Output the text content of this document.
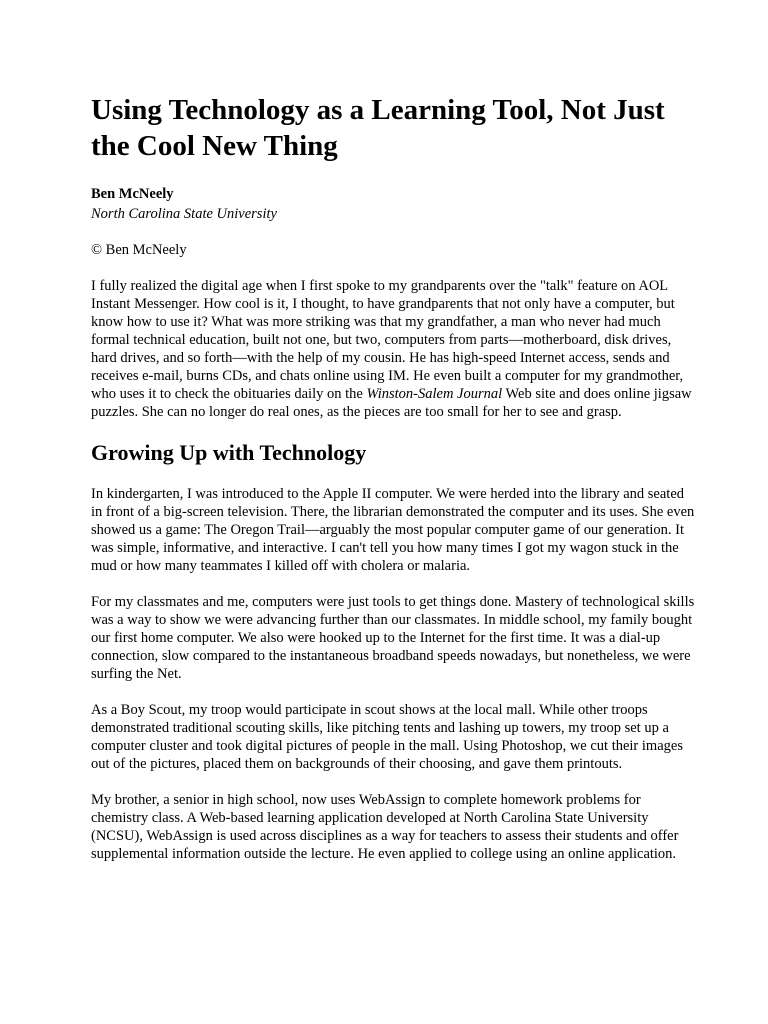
Using Technology as a Learning Tool, Not Just the Cool New Thing
Ben McNeely
North Carolina State University
© Ben McNeely

I fully realized the digital age when I first spoke to my grandparents over the "talk" feature on AOL Instant Messenger. How cool is it, I thought, to have grandparents that not only have a computer, but know how to use it? What was more striking was that my grandfather, a man who never had much formal technical education, built not one, but two, computers from parts—motherboard, disk drives, hard drives, and so forth—with the help of my cousin. He has high-speed Internet access, sends and receives e-mail, burns CDs, and chats online using IM. He even built a computer for my grandmother, who uses it to check the obituaries daily on the Winston-Salem Journal Web site and does online jigsaw puzzles. She can no longer do real ones, as the pieces are too small for her to see and grasp.

Growing Up with Technology

In kindergarten, I was introduced to the Apple II computer. We were herded into the library and seated in front of a big-screen television. There, the librarian demonstrated the computer and its uses. She even showed us a game: The Oregon Trail—arguably the most popular computer game of our generation. It was simple, informative, and interactive. I can't tell you how many times I got my wagon stuck in the mud or how many teammates I killed off with cholera or malaria.

For my classmates and me, computers were just tools to get things done. Mastery of technological skills was a way to show we were advancing further than our classmates. In middle school, my family bought our first home computer. We also were hooked up to the Internet for the first time. It was a dial-up connection, slow compared to the instantaneous broadband speeds nowadays, but nonetheless, we were surfing the Net.

As a Boy Scout, my troop would participate in scout shows at the local mall. While other troops demonstrated traditional scouting skills, like pitching tents and lashing up towers, my troop set up a computer cluster and took digital pictures of people in the mall. Using Photoshop, we cut their images out of the pictures, placed them on backgrounds of their choosing, and gave them printouts.

My brother, a senior in high school, now uses WebAssign to complete homework problems for chemistry class. A Web-based learning application developed at North Carolina State University (NCSU), WebAssign is used across disciplines as a way for teachers to assess their students and offer supplemental information outside the lecture. He even applied to college using an online application.
